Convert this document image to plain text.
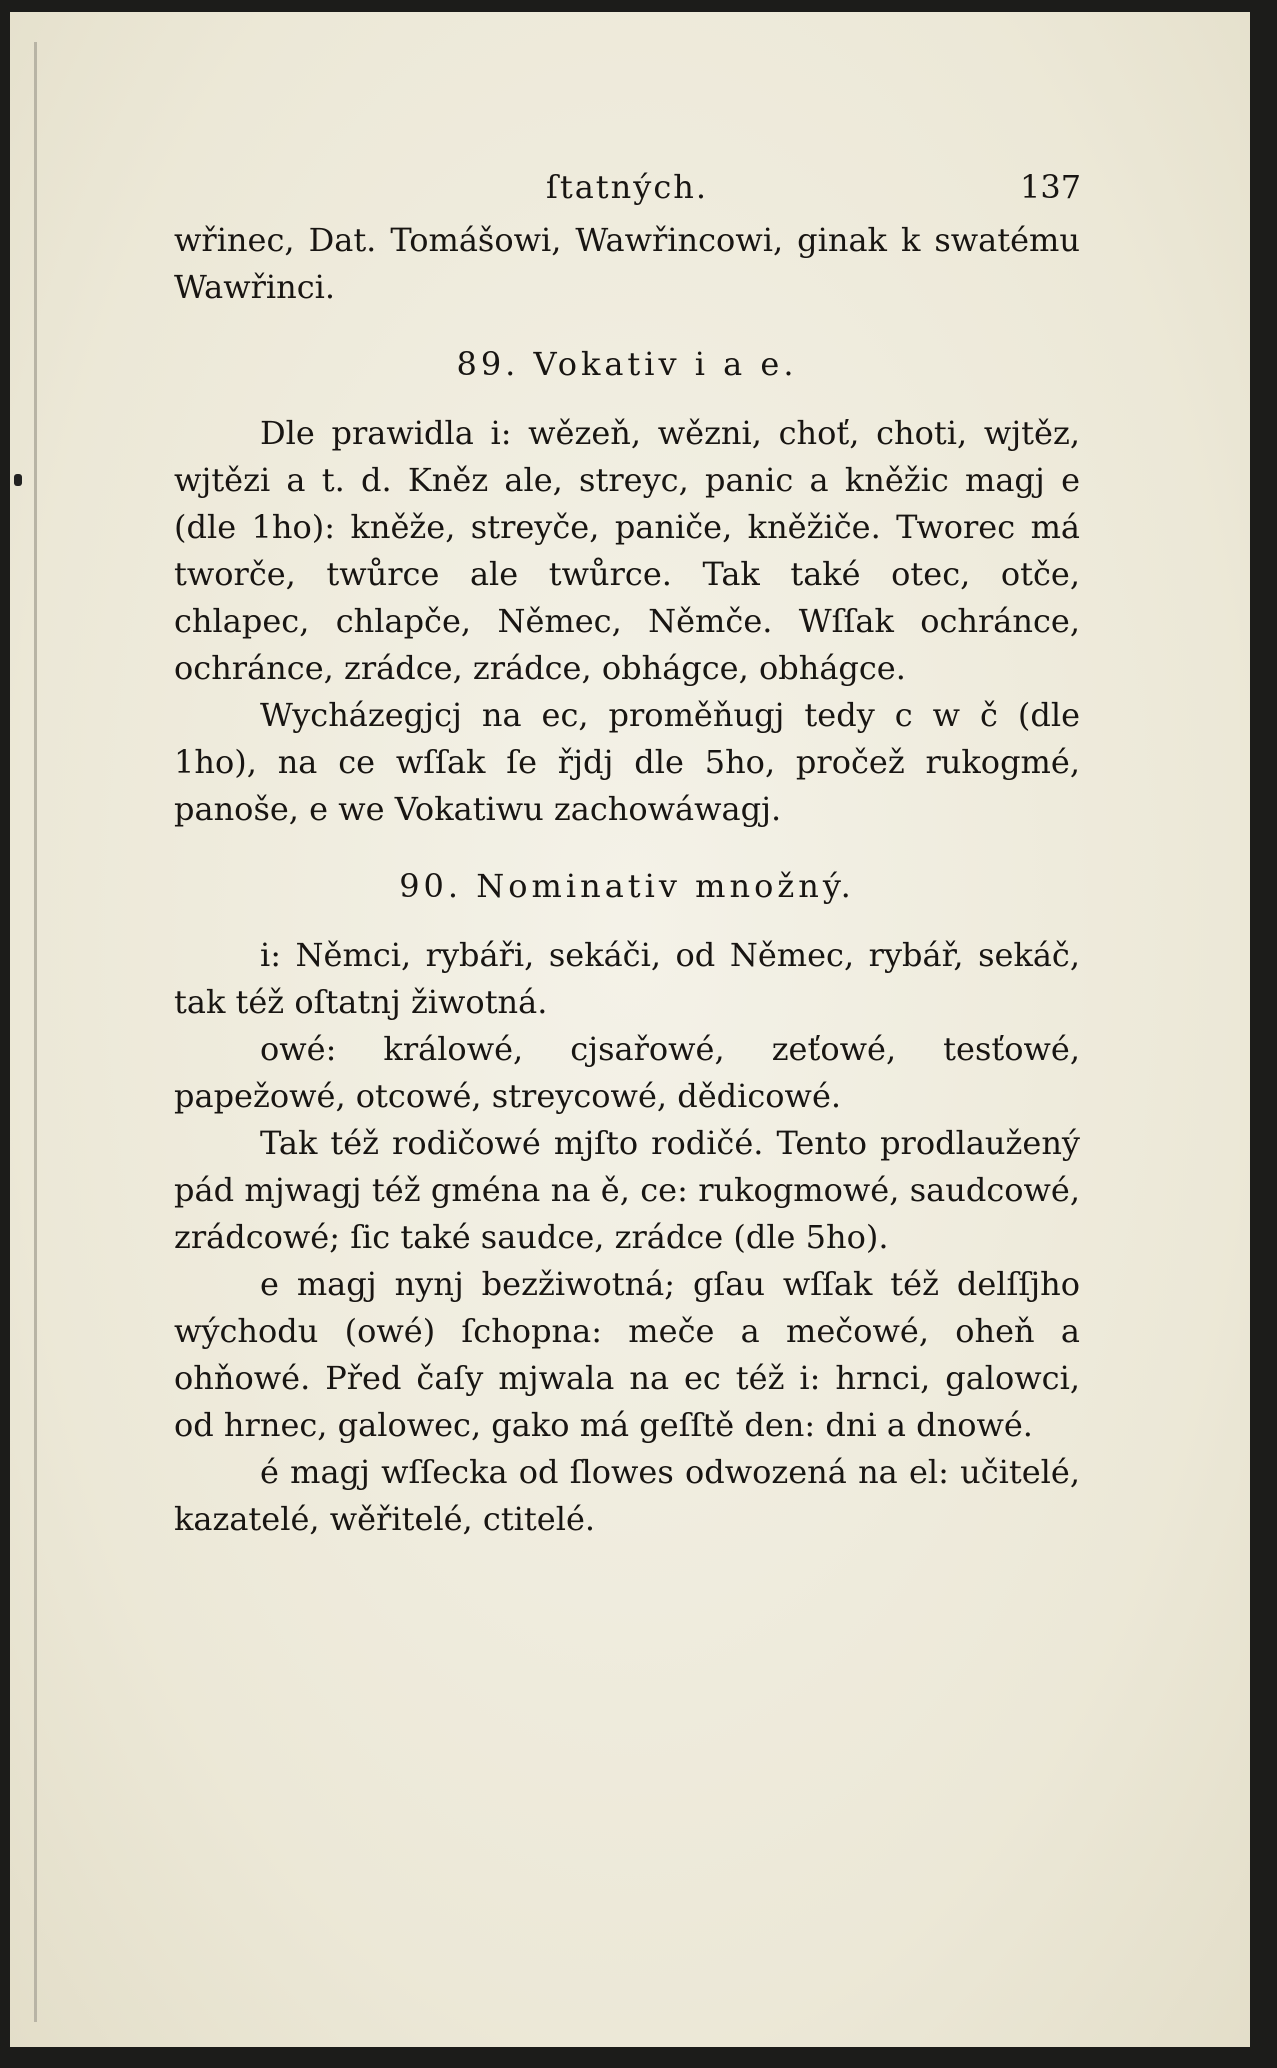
ſtatných.	137

wřinec, Dat. Tomášowi, Wawřincowi, ginak k swatému Wawřinci.

89. Vokativ i a e.

Dle prawidla i: wězeň, wězni, choť, choti, wjtěz, wjtězi a t. d. Kněz ale, streyc, panic a kněžic magj e (dle 1ho): kněže, streyče, paniče, kněžiče. Tworec má tworče, twůrce ale twůrce. Tak také otec, otče, chlapec, chlapče, Němec, Němče. Wſſak ochránce, ochránce, zrádce, zrádce, obhágce, obhágce.

Wycházegjcj na ec, proměňugj tedy c w č (dle 1ho), na ce wſſak ſe řjdj dle 5ho, pročež rukogmé, panoše, e we Vokatiwu zachowáwagj.

90. Nominativ množný.

i: Němci, rybáři, sekáči, od Němec, rybář, sekáč, tak též oſtatnj žiwotná.

owé: králowé, cjsařowé, zeťowé, tesťowé, papežowé, otcowé, streycowé, dědicowé.

Tak též rodičowé mjſto rodičé. Tento prodlaužený pád mjwagj též gména na ě, ce: rukogmowé, saudcowé, zrádcowé; ſic také saudce, zrádce (dle 5ho).

e magj nynj bezžiwotná; gſau wſſak též delſſjho wýchodu (owé) ſchopna: meče a mečowé, oheň a ohňowé. Před čaſy mjwala na ec též i: hrnci, galowci, od hrnec, galowec, gako má geſſtě den: dni a dnowé.

é magj wſſecka od ſlowes odwozená na el: učitelé, kazatelé, wěřitelé, ctitelé.
